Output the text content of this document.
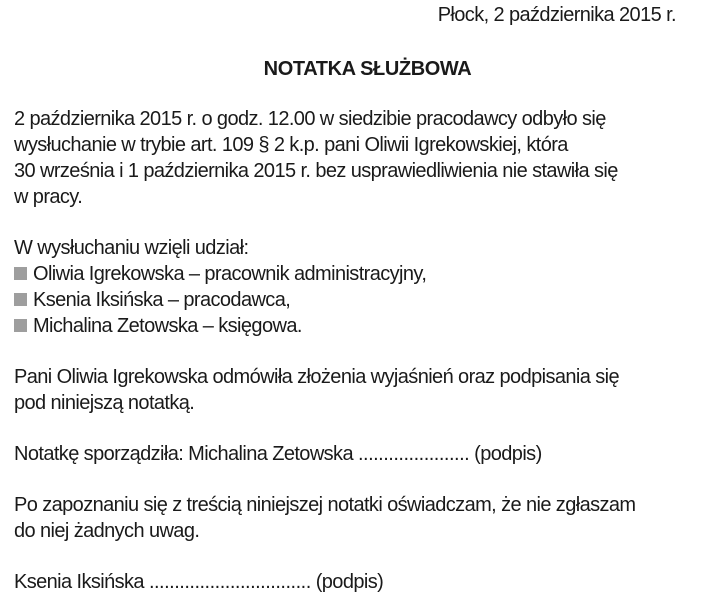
Płock, 2 października 2015 r.
NOTATKA SŁUŻBOWA
2 października 2015 r. o godz. 12.00 w siedzibie pracodawcy odbyło się
wysłuchanie w trybie art. 109 § 2 k.p. pani Oliwii Igrekowskiej, która
30 września i 1 października 2015 r. bez usprawiedliwienia nie stawiła się
w pracy.
W wysłuchaniu wzięli udział:
Oliwia Igrekowska – pracownik administracyjny,
Ksenia Iksińska – pracodawca,
Michalina Zetowska – księgowa.
Pani Oliwia Igrekowska odmówiła złożenia wyjaśnień oraz podpisania się
pod niniejszą notatką.
Notatkę sporządziła: Michalina Zetowska ...................... (podpis)
Po zapoznaniu się z treścią niniejszej notatki oświadczam, że nie zgłaszam
do niej żadnych uwag.
Ksenia Iksińska ................................ (podpis)
